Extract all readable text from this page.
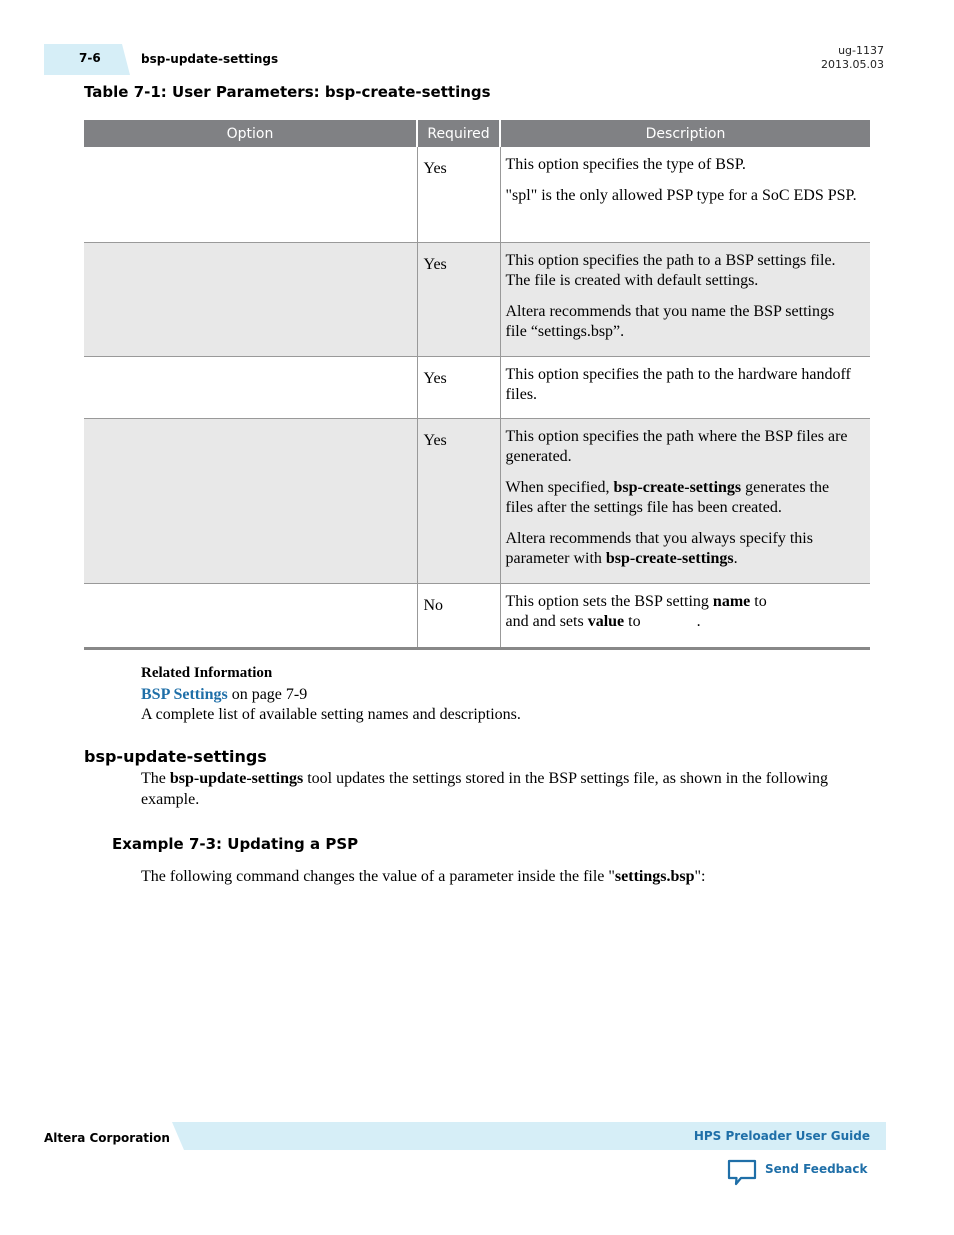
7-6	bsp-update-settings
ug-1137
2013.05.03
Table 7-1: User Parameters: bsp-create-settings
Option	Required	Description
	Yes	This option specifies the type of BSP.

"spl" is the only allowed PSP type for a SoC EDS PSP.

	Yes	This option specifies the path to a BSP settings file. The file is created with default settings.

Altera recommends that you name the BSP settings file “settings.bsp”.

	Yes	This option specifies the path to the hardware handoff files.

	Yes	This option specifies the path where the BSP files are generated.

When specified, bsp-create-settings generates the files after the settings file has been created.

Altera recommends that you always specify this parameter with bsp-create-settings.

	No	This option sets the BSP setting name to
and and sets value to .

Related Information
BSP Settings on page 7-9
A complete list of available setting names and descriptions.
bsp-update-settings
The bsp-update-settings tool updates the settings stored in the BSP settings file, as shown in the following example.
Example 7-3: Updating a PSP
The following command changes the value of a parameter inside the file "settings.bsp":
Altera Corporation	HPS Preloader User Guide
Send Feedback
